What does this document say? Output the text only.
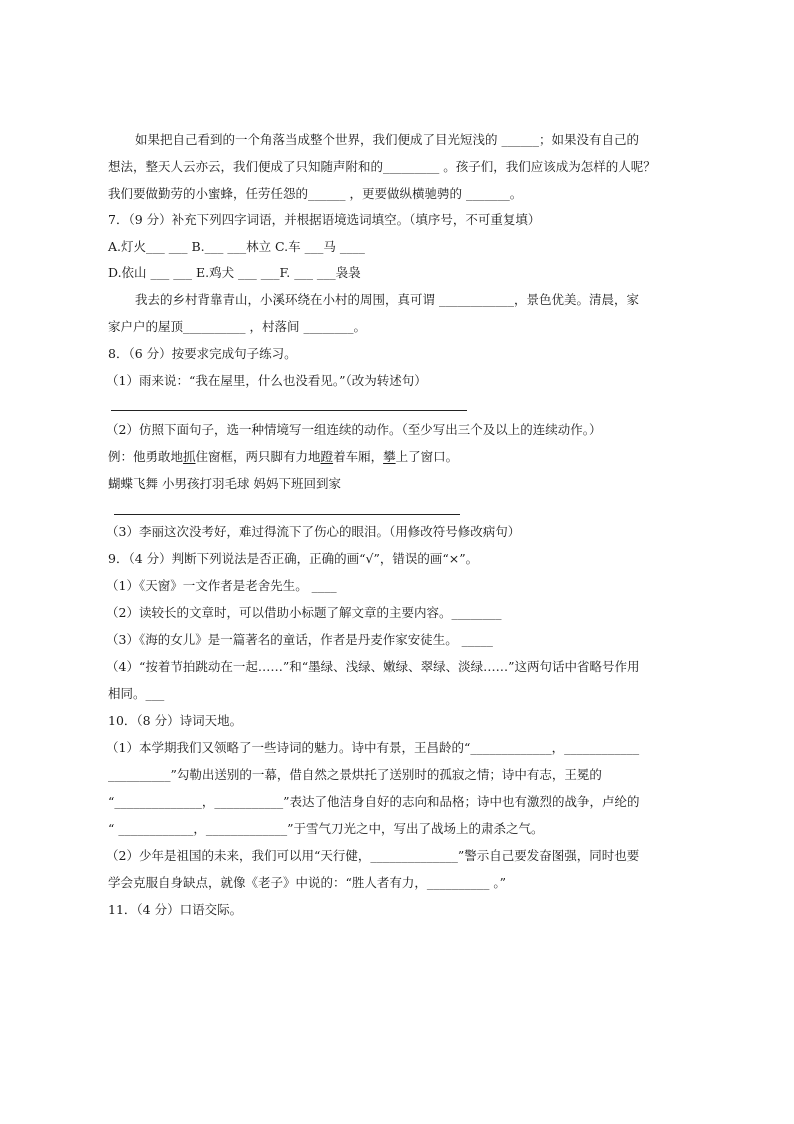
如果把自己看到的一个角落当成整个世界，我们便成了目光短浅的 ______；如果没有自己的
想法，整天人云亦云，我们便成了只知随声附和的_________ 。孩子们，我们应该成为怎样的人呢？
我们要做勤劳的小蜜蜂，任劳任怨的______ ，更要做纵横驰骋的 _______。
7．（9 分）补充下列四字词语，并根据语境选词填空。（填序号，不可重复填）
A.灯火___ ___ B.___ ___林立 C.车 ___马 ____
D.依山 ___ ___ E.鸡犬 ___ ___F. ___ ___袅袅
我去的乡村背靠青山，小溪环绕在小村的周围，真可谓 ____________，景色优美。清晨，家
家户户的屋顶__________ ，村落间 ________。
8．（6 分）按要求完成句子练习。
（1）雨来说：“我在屋里，什么也没看见。”（改为转述句）
（2）仿照下面句子，选一种情境写一组连续的动作。（至少写出三个及以上的连续动作。）
例：他勇敢地抓住窗框，两只脚有力地蹬着车厢，攀上了窗口。
蝴蝶飞舞 小男孩打羽毛球 妈妈下班回到家
（3）李丽这次没考好，难过得流下了伤心的眼泪。（用修改符号修改病句）
9．（4 分）判断下列说法是否正确，正确的画“√”，错误的画“×”。
（1）《天窗》一文作者是老舍先生。 ____
（2）读较长的文章时，可以借助小标题了解文章的主要内容。________
（3）《海的女儿》是一篇著名的童话，作者是丹麦作家安徒生。 _____
（4）“按着节拍跳动在一起……”和“墨绿、浅绿、嫩绿、翠绿、淡绿……”这两句话中省略号作用
相同。___
10．（8 分）诗词天地。
（1）本学期我们又领略了一些诗词的魅力。诗中有景，王昌龄的“_____________，____________
__________”勾勒出送别的一幕，借自然之景烘托了送别时的孤寂之情；诗中有志，王冕的
“______________，___________”表达了他洁身自好的志向和品格；诗中也有激烈的战争，卢纶的
“ ____________，_____________”于雪气刀光之中，写出了战场上的肃杀之气。
（2）少年是祖国的未来，我们可以用“天行健，______________”警示自己要发奋图强，同时也要
学会克服自身缺点，就像《老子》中说的：“胜人者有力，__________ 。”
11．（4 分）口语交际。
